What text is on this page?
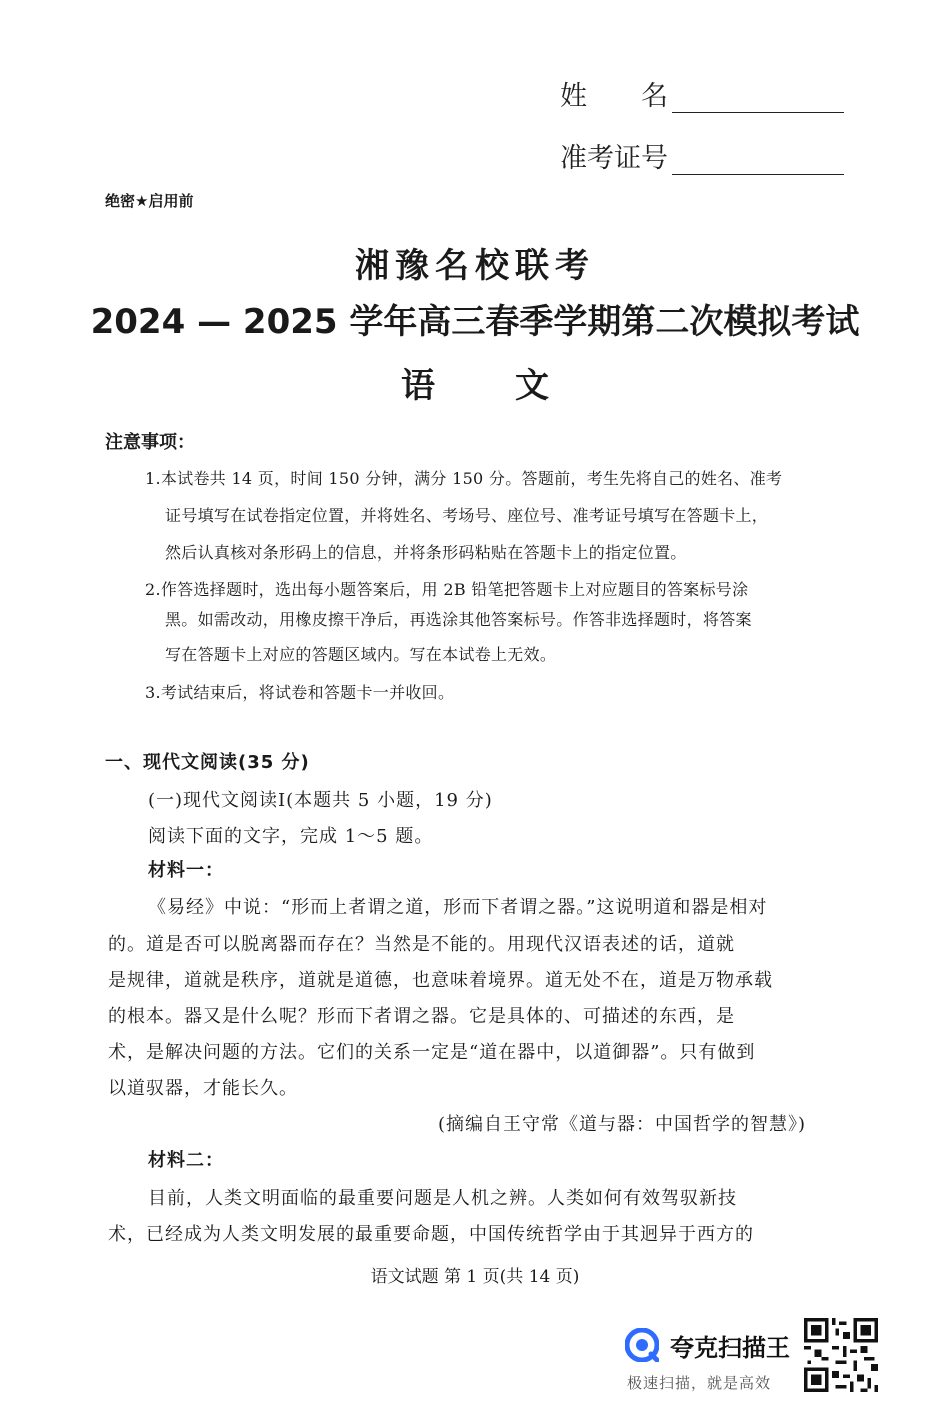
姓　　名
准考证号
绝密★启用前
湘豫名校联考
2024 — 2025 学年高三春季学期第二次模拟考试
语文
注意事项：
1.本试卷共 14 页，时间 150 分钟，满分 150 分。答题前，考生先将自己的姓名、准考
证号填写在试卷指定位置，并将姓名、考场号、座位号、准考证号填写在答题卡上，
然后认真核对条形码上的信息，并将条形码粘贴在答题卡上的指定位置。
2.作答选择题时，选出每小题答案后，用 2B 铅笔把答题卡上对应题目的答案标号涂
黑。如需改动，用橡皮擦干净后，再选涂其他答案标号。作答非选择题时，将答案
写在答题卡上对应的答题区域内。写在本试卷上无效。
3.考试结束后，将试卷和答题卡一并收回。
一、现代文阅读(35 分)
(一)现代文阅读Ⅰ(本题共 5 小题，19 分)
阅读下面的文字，完成 1～5 题。
材料一：
《易经》中说：“形而上者谓之道，形而下者谓之器。”这说明道和器是相对
的。道是否可以脱离器而存在？当然是不能的。用现代汉语表述的话，道就
是规律，道就是秩序，道就是道德，也意味着境界。道无处不在，道是万物承载
的根本。器又是什么呢？形而下者谓之器。它是具体的、可描述的东西，是
术，是解决问题的方法。它们的关系一定是“道在器中，以道御器”。只有做到
以道驭器，才能长久。
(摘编自王守常《道与器：中国哲学的智慧》)
材料二：
目前，人类文明面临的最重要问题是人机之辨。人类如何有效驾驭新技
术，已经成为人类文明发展的最重要命题，中国传统哲学由于其迥异于西方的
语文试题 第 1 页(共 14 页)
夸克扫描王
极速扫描，就是高效
